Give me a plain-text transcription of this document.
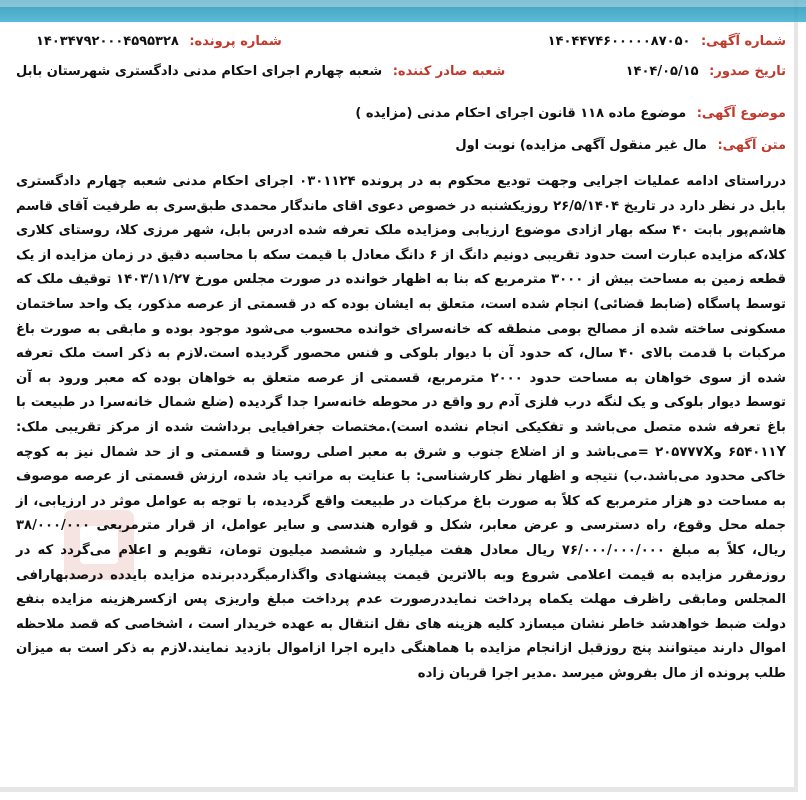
شماره آگهی: ۱۴۰۴۴۷۴۶۰۰۰۰۰۸۷۰۵۰
شماره پرونده: ۱۴۰۳۴۷۹۲۰۰۰۴۵۹۵۳۲۸
تاریخ صدور: ۱۴۰۴/۰۵/۱۵
شعبه صادر کننده: شعبه چهارم اجرای احکام مدنی دادگستری شهرستان بابل
موضوع آگهی: موضوع ماده ۱۱۸ قانون اجرای احکام مدنی (مزایده )
متن آگهی: مال غیر منقول آگهی مزایده) نوبت اول
درراستای ادامه عملیات اجرایی وجهت تودیع محکوم به در پرونده ۰۳۰۱۱۲۴ اجرای احکام مدنی شعبه چهارم دادگستری بابل در نظر دارد در تاریخ ۲۶/۵/۱۴۰۴ روزیکشنبه در خصوص دعوی اقای ماندگار محمدی طبق‌سری به طرفیت آقای قاسم هاشم‌پور بابت ۴۰ سکه بهار ازادی موضوع ارزیابی ومزایده ملک تعرفه شده ادرس بابل، شهر مرزی کلا، روستای کلاری کلا،که مزایده عبارت است حدود تقریبی دونیم دانگ از ۶ دانگ معادل با قیمت سکه با محاسبه دقیق در زمان مزایده از یک قطعه زمین به مساحت بیش از ۳۰۰۰ مترمربع که بنا به اظهار خوانده در صورت مجلس مورخ ۱۴۰۳/۱۱/۲۷ توقیف ملک که توسط پاسگاه (ضابط قضائی) انجام شده است، متعلق به ایشان بوده که در قسمتی از عرصه مذکور، یک واحد ساختمان مسکونی ساخته شده از مصالح بومی منطقه که خانه‌سرای خوانده محسوب می‌شود موجود بوده و مابقی به صورت باغ مرکبات با قدمت بالای ۴۰ سال، که حدود آن با دیوار بلوکی و فنس محصور گردیده است.لازم به ذکر است ملک تعرفه شده از سوی خواهان به مساحت حدود ۲۰۰۰ مترمربع، قسمتی از عرصه متعلق به خواهان بوده که معبر ورود به آن توسط دیوار بلوکی و یک لنگه درب فلزی آدم رو واقع در محوطه خانه‌سرا جدا گردیده (ضلع شمال خانه‌سرا در طبیعت با باغ تعرفه شده متصل می‌باشد و تفکیکی انجام نشده است).مختصات جغرافیایی برداشت شده از مرکز تقریبی ملک: ۶۵۴۰۱۱Y و۲۰۵۷۷۷X =می‌باشد و از اضلاع جنوب و شرق به معبر اصلی روستا و قسمتی و از حد شمال نیز به کوچه خاکی محدود می‌باشد.ب) نتیجه و اظهار نظر کارشناسی: با عنایت به مراتب یاد شده، ارزش قسمتی از عرصه موصوف به مساحت دو هزار مترمربع که کلاً به صورت باغ مرکبات در طبیعت واقع گردیده، با توجه به عوامل موثر در ارزیابی، از جمله محل وقوع، راه دسترسی و عرض معابر، شکل و قواره هندسی و سایر عوامل، از قرار مترمربعی ۳۸/۰۰۰/۰۰۰ ریال، کلاً به مبلغ ۷۶/۰۰۰/۰۰۰/۰۰۰ ریال معادل هفت میلیارد و ششصد میلیون تومان، تقویم و اعلام می‌گردد که در روزمقرر مزایده به قیمت اعلامی شروع وبه بالاترین قیمت پیشنهادی واگذارمیگرددبرنده مزایده بایدده درصدبهارافی المجلس ومابقی راظرف مهلت یکماه پرداخت نمایددرصورت عدم پرداخت مبلغ واریزی پس ازکسرهزینه مزایده بنفع دولت ضبط خواهدشد خاطر نشان میسازد کلیه هزینه های نقل انتقال به عهده خریدار است ، اشخاصی که قصد ملاحظه اموال دارند میتوانند پنج روزقبل ازانجام مزایده با هماهنگی دایره اجرا ازاموال بازدید نمایند.لازم به ذکر است به میزان طلب پرونده از مال بفروش میرسد .مدیر اجرا قربان زاده
